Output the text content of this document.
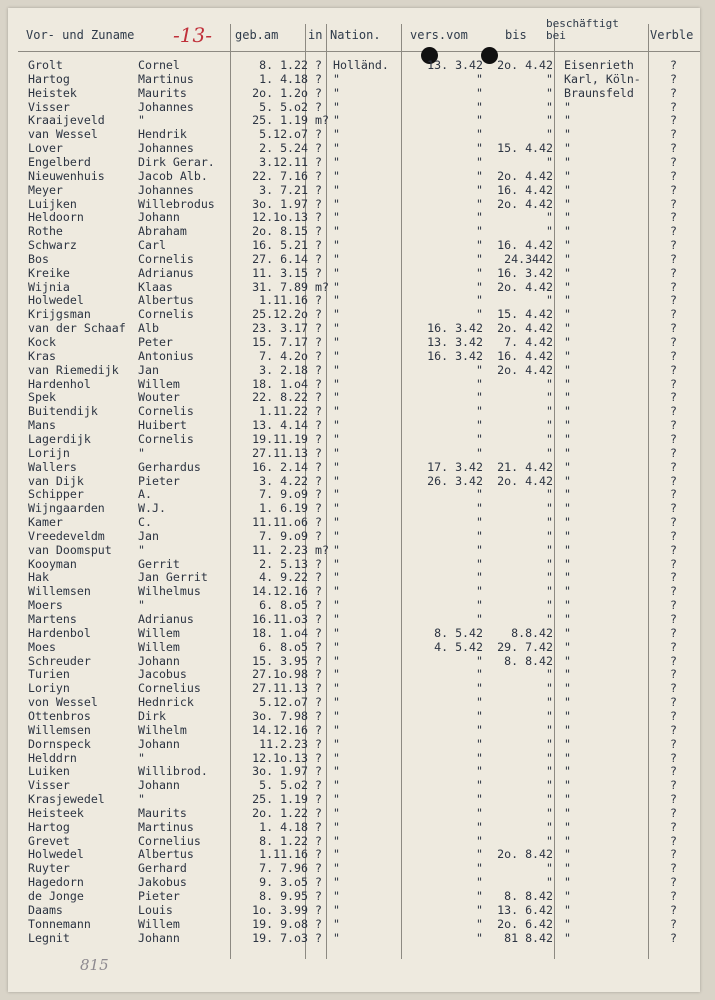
Vor- und Zuname -13- geb.am in Nation. vers.vom	bis
beschäftigt
bei	Verble
Grolt	Cornel	8. 1.22 ? Holländ.	13. 3.42	2o. 4.42 Eisenrieth	?
Hartog	Martinus	1. 4.18 ? "	"	" Karl, Köln-	?
Heistek	Maurits	2o. 1.2o ? "	"	" Braunsfeld	?
Visser	Johannes	5. 5.o2 ? "	"	" "	?
Kraaijeveld	"	25. 1.19 m? "	"	" "	?
van Wessel	Hendrik	5.12.o7 ? "	"	" "	?
Lover	Johannes	2. 5.24 ? "	"	15. 4.42 "	?
Engelberd	Dirk Gerar.	3.12.11 ? "	"	" "	?
Nieuwenhuis	Jacob Alb.	22. 7.16 ? "	"	2o. 4.42 "	?
Meyer	Johannes	3. 7.21 ? "	"	16. 4.42 "	?
Luijken	Willebrodus	3o. 1.97 ? "	"	2o. 4.42 "	?
Heldoorn	Johann	12.1o.13 ? "	"	" "	?
Rothe	Abraham	2o. 8.15 ? "	"	" "	?
Schwarz	Carl	16. 5.21 ? "	"	16. 4.42 "	?
Bos	Cornelis	27. 6.14 ? "	"	24.3442 "	?
Kreike	Adrianus	11. 3.15 ? "	"	16. 3.42 "	?
Wijnia	Klaas	31. 7.89 m? "	"	2o. 4.42 "	?
Holwedel	Albertus	1.11.16 ? "	"	" "	?
Krijgsman	Cornelis	25.12.2o ? "	"	15. 4.42 "	?
van der Schaaf Alb	23. 3.17 ? "	16. 3.42	2o. 4.42 "	?
Kock	Peter	15. 7.17 ? "	13. 3.42	7. 4.42 "	?
Kras	Antonius	7. 4.2o ? "	16. 3.42	16. 4.42 "	?
van Riemedijk Jan	3. 2.18 ? "	"	2o. 4.42 "	?
Hardenhol	Willem	18. 1.o4 ? "	"	" "	?
Spek	Wouter	22. 8.22 ? "	"	" "	?
Buitendijk	Cornelis	1.11.22 ? "	"	" "	?
Mans	Huibert	13. 4.14 ? "	"	" "	?
Lagerdijk	Cornelis	19.11.19 ? "	"	" "	?
Lorijn	"	27.11.13 ? "	"	" "	?
Wallers	Gerhardus	16. 2.14 ? "	17. 3.42	21. 4.42 "	?
van Dijk	Pieter	3. 4.22 ? "	26. 3.42	2o. 4.42 "	?
Schipper	A.	7. 9.o9 ? "	"	" "	?
Wijngaarden	W.J.	1. 6.19 ? "	"	" "	?
Kamer	C.	11.11.o6 ? "	"	" "	?
Vreedeveldm	Jan	7. 9.o9 ? "	"	" "	?
van Doomsput "	11. 2.23 m? "	"	" "	?
Kooyman	Gerrit	2. 5.13 ? "	"	" "	?
Hak	Jan Gerrit	4. 9.22 ? "	"	" "	?
Willemsen	Wilhelmus	14.12.16 ? "	"	" "	?
Moers	"	6. 8.o5 ? "	"	" "	?
Martens	Adrianus	16.11.o3 ? "	"	" "	?
Hardenbol	Willem	18. 1.o4 ? "	8. 5.42	8.8.42 "	?
Moes	Willem	6. 8.o5 ? "	4. 5.42	29. 7.42 "	?
Schreuder	Johann	15. 3.95 ? "	"	8. 8.42 "	?
Turien	Jacobus	27.1o.98 ? "	"	" "	?
Loriyn	Cornelius	27.11.13 ? "	"	" "	?
von Wessel	Hednrick	5.12.o7 ? "	"	" "	?
Ottenbros	Dirk	3o. 7.98 ? "	"	" "	?
Willemsen	Wilhelm	14.12.16 ? "	"	" "	?
Dornspeck	Johann	11.2.23 ? "	"	" "	?
Helddrn	"	12.1o.13 ? "	"	" "	?
Luiken	Willibrod.	3o. 1.97 ? "	"	" "	?
Visser	Johann	5. 5.o2 ? "	"	" "	?
Krasjewedel	"	25. 1.19 ? "	"	" "	?
Heisteek	Maurits	2o. 1.22 ? "	"	" "	?
Hartog	Martinus	1. 4.18 ? "	"	" "	?
Grevet	Cornelius	8. 1.22 ? "	"	" "	?
Holwedel	Albertus	1.11.16 ? "	"	2o. 8.42 "	?
Ruyter	Gerhard	7. 7.96 ? "	"	" "	?
Hagedorn	Jakobus	9. 3.o5 ? "	"	" "	?
de Jonge	Pieter	8. 9.95 ? "	"	8. 8.42 "	?
Daams	Louis	1o. 3.99 ? "	"	13. 6.42 "	?
Tonnemann	Willem	19. 9.o8 ? "	"	2o. 6.42 "	?
Legnit	Johann	19. 7.o3 ? "	"	81 8.42 "	?
815
